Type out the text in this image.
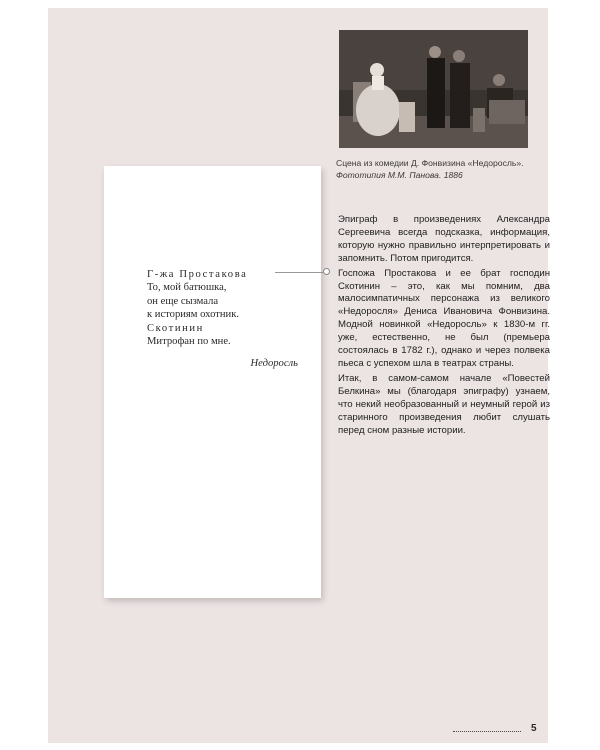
Сцена из комедии Д. Фонвизина «Недоросль».

Фототипия М.М. Панова. 1886
Г-жа Простакова
То, мой батюшка,
он еще сызмала
к историям охотник.
Скотинин
Митрофан по мне.
Недоросль

Эпиграф в произведениях Александра Сергеевича всегда подсказка, информация, которую нужно правильно интерпретировать и запомнить. Потом пригодится.

Госпожа Простакова и ее брат господин Скотинин – это, как мы помним, два малосимпатичных персонажа из великого «Недоросля» Дениса Ивановича Фонвизина. Модной новинкой «Недоросль» к 1830-м гг. уже, естественно, не был (премьера состоялась в 1782 г.), однако и через полвека пьеса с успехом шла в театрах страны.

Итак, в самом-самом начале «Повестей Белкина» мы (благодаря эпиграфу) узнаем, что некий необразованный и неумный герой из старинного произведения любит слушать перед сном разные истории.

5
